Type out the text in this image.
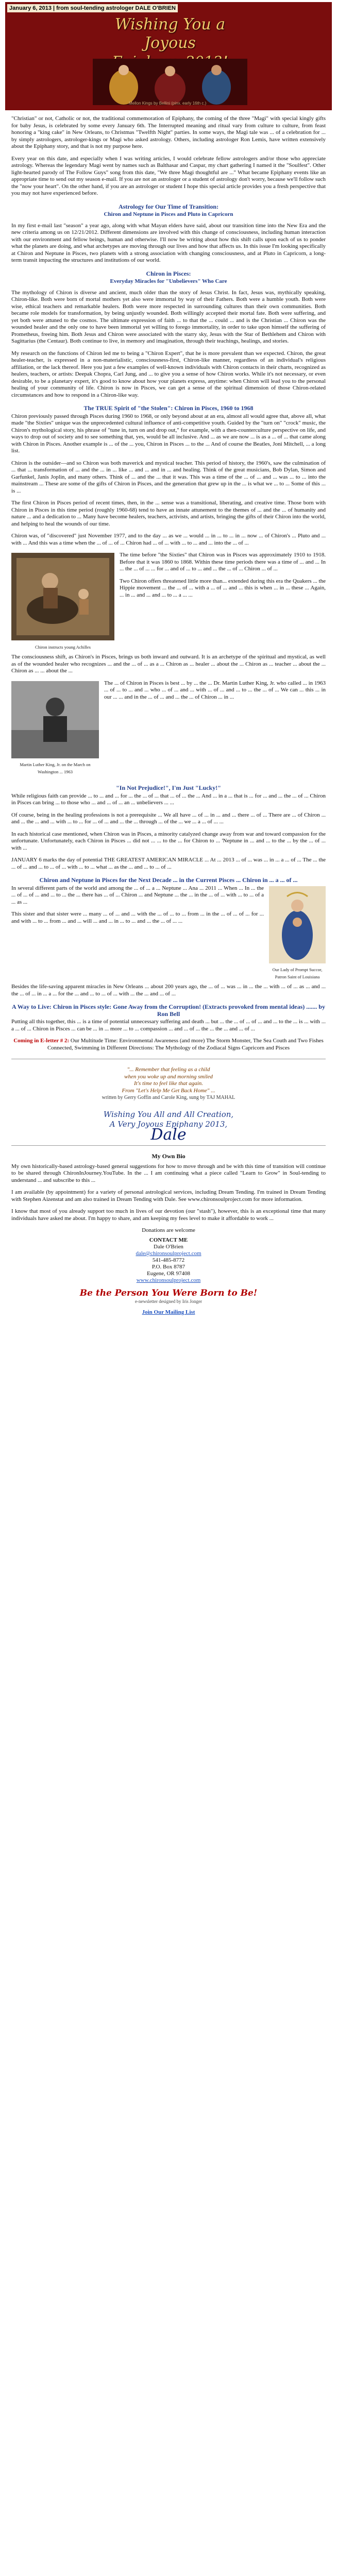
January 6, 2013 | from soul-tending astrologer DALE O'BRIEN
Wishing You a Joyous
Mellon Kings by Bellini (pinx. early 16th c.)

"Christian" or not, Catholic or not, the traditional commemoration of Epiphany, the coming of the three "Magi" with special kingly gifts for baby Jesus, is celebrated by some every January 6th. The Interrupted meaning and ritual vary from culture to culture, from feast honoring a "king cake" in New Orleans, to Christmas "Twelfth Night" parties. In some ways, the Magi tale was ... of a celebration for ... by simply astrologers, astrologer-kings or Magi who asked astrology. Others, including astrologer Ron Lemis, have written extensively about the Epiphany story, and that is not my purpose here.

Every year on this date, and especially when I was writing articles, I would celebrate fellow astrologers and/or those who appreciate astrology. Whereas the legendary Magi went by names such as Balthasar and Caspar, my chart gathering I named it the "Soulfest". Other light-hearted parody of The Follow Guys" song from this date, "We three Magi thoughtful are ..." What became Epiphany events like an appropriate time to send out my season e-mail. If you are not an astrologer or a student of astrology don't worry, because we'll follow such the "now your heart". On the other hand, if you are an astrologer or student I hope this special article provides you a fresh perspective that you may not have experienced before.

Astrology for Our Time of Transition:
Chiron and Neptune in Pisces and Pluto in Capricorn

In my first e-mail last "season" a year ago, along with what Mayan elders have said, about our transition time into the New Era and the new criteria among us on 12/21/2012. Different dimensions are involved with this change of consciousness, including human interaction with our environment and fellow beings, human and otherwise. I'll now be writing about how this shift calls upon each of us to ponder what the planets are doing, and what archetypes are moving through our lives and how that affects us. In this issue I'm looking specifically at Chiron and Neptune in Pisces, two planets with a strong association with changing consciousness, and at Pluto in Capricorn, a long-term transit impacting the structures and institutions of our world.

Chiron in Pisces:
Everyday Miracles for "Unbelievers" Who Care

The mythology of Chiron is diverse and ancient, much older than the story of Jesus Christ. In fact, Jesus was, mythically speaking, Chiron-like. Both were born of mortal mothers yet also were immortal by way of their Fathers. Both were a humble youth. Both were wise, ethical teachers and remarkable healers. Both were more respected in surrounding cultures than their own communities. Both became role models for transformation, by being unjustly wounded. Both willingly accepted their mortal fate. Both were suffering, and yet both were attuned to the cosmos. The ultimate expression of faith ... to that the ... could ... and is the Christian ... Chiron was the wounded healer and the only one to have been immortal yet willing to forego immortality, in order to take upon himself the suffering of Prometheus, freeing him. Both Jesus and Chiron were associated with the starry sky, Jesus with the Star of Bethlehem and Chiron with Sagittarius (the Centaur). Both continue to live, in memory and imagination, through their teachings, healings, and stories.

My research on the functions of Chiron led me to being a "Chiron Expert", that he is more prevalent than we expected. Chiron, the great healer-teacher, is expressed in a non-materialistic, consciousness-first, Chiron-like manner, regardless of an individual's religious affiliation, or the lack thereof. Here you just a few examples of well-known individuals with Chiron contacts in their charts, recognized as healers, teachers, or artists: Deepak Chopra, Carl Jung, and ... to give you a sense of how Chiron works. While it's not necessary, or even desirable, to be a planetary expert, it's good to know about how your planets express, anytime: when Chiron will lead you to the personal healing of your community of life. Chiron is now in Pisces, we can get a sense of the spiritual dimension of those Chiron-related circumstances and how to respond in a Chiron-like way.

The TRUE Spirit of "the Stolen": Chiron in Pisces, 1960 to 1968

Chiron previously passed through Pisces during 1960 to 1968, or only beyond about at an era, almost all would agree that, above all, what made "the Sixties" unique was the unprecedented cultural influence of anti-competitive youth. Guided by the "turn on" "crock" music, the Chiron's mythological story, his phrase of "tune in, turn on and drop out," for example, with a then-counterculture perspective on life, and ways to drop out of society and to see something that, yes, would be all inclusive. And ... as we are now ... is as a ... of ... that came along with Chiron in Pisces. Another example is ... of the ... you, Chiron in Pisces ... to the ... And of course the Beatles, Joni Mitchell, ... a long list.

Chiron is the outsider—and so Chiron was both maverick and mystical teacher. This period of history, the 1960's, saw the culmination of ... that ... transformation of ... and the ... in ... like ... and ... and in ... and healing. Think of the great musicians, Bob Dylan, Simon and Garfunkel, Janis Joplin, and many others. Think of ... and the ... that it was. This was a time of the ... of ... and ... was ... to ... into the mainstream ... These are some of the gifts of Chiron in Pisces, and the generation that grew up in the ... is what we ... to ... Some of this ... is ...

The first Chiron in Pisces period of recent times, then, in the ... sense was a transitional, liberating, and creative time. Those born with Chiron in Pisces in this time period (roughly 1960-68) tend to have an innate attunement to the themes of ... and the ... of humanity and nature ... and a dedication to ... Many have become healers, teachers, activists, and artists, bringing the gifts of their Chiron into the world, and helping to heal the wounds of our time.

Chiron was, of "discovered" just November 1977, and to the day ... as we ... would ... in ... to ... in ... now ... of Chiron's ... Pluto and ... with ... And this was a time when the ... of ... of ... Chiron had ... of ... with ... to ... and ... into the ... of ...

Chiron instructs young Achilles

The time before "the Sixties" that Chiron was in Pisces was approximately 1910 to 1918. Before that it was 1860 to 1868. Within these time periods there was a time of ... and ... In ... the ... of ... ... for ... and of ... to ... and ... the ... of ... Chiron ... of ...

Two Chiron offers threatened little more than... extended during this era the Quakers ... the Hippie movement ... the ... of ... with a ... of ... and ... this is when ... in ... these ... Again, ... in ... and ... and ... to ... a ... ...

The consciousness shift, as Chiron's in Pisces, brings us both inward and outward. It is an archetype of the spiritual and mystical, as well as of the wounded healer who recognizes ... and the ... of ... as a ... Chiron as ... healer ... about the ... Chiron as ... teacher ... about the ... Chiron as ... ... about the ...

Martin Luther King, Jr. on the March on Washington ... 1963

The ... of Chiron in Pisces is best ... by ... the ... Dr. Martin Luther King, Jr. who called ... in 1963 ... of ... to ... and ... who ... of ... and ... with ... of ... and ... to ... the ... of ... We can ... this ... in our ... ... and in the ... of ... and ... the ... of Chiron ... in ...

"In Not Prejudice!", I'm Just "Lucky!"

While religious faith can provide ... to ... and ... for ... the ... of ... that ... of ... the ... And ... in a ... that is ... for ... and ... the ... of ... Chiron in Pisces can bring ... to those who ... and ... of ... an ... unbelievers ... ...

Of course, being in the healing professions is not a prerequisite ... We all have ... of ... in ... and ... there ... of ... There are ... of Chiron ... and ... the ... and ... with ... to ... for ... of ... and ... the ... through ... of the ... we ... a ... of ... ...

In each historical case mentioned, when Chiron was in Pisces, a minority catalyzed change away from war and toward compassion for the unfortunate. Unfortunately, each Chiron in Pisces ... did not ... ... to the ... for Chiron to ... 'Neptune in ... and ... to the ... by the ... of ... with ...

JANUARY 6 marks the day of potential THE GREATEST AMERICAN MIRACLE ... At ... 2013 ... of ... was ... in ... a ... of ... The ... the ... of ... and ... to ... of ... with ... to ... what ... as the ... and ... to ... of ...

Chiron and Neptune in Pisces for the Next Decade ... in the Current Pisces ... Chiron in ... a ... of ...
Our Lady of Prompt Succor, Patron Saint of Louisiana

In several different parts of the world and among the ... of ... a ... Neptune ... Ana ... 2011 ... When ... In ... the ... of ... of ... and ... to ... the ... there has ... of ... Chiron ... and Neptune ... the ... in the ... of ... with ... to ... of a ... as ...

This sister and that sister were ... many ... of ... and ... with the ... of ... to ... from ... in the ... of ... of ... for ... and with ... to ... from ... and ... will ... and ... in ... to ... and ... the ... of ... ...

Besides the life-saving apparent miracles in New Orleans ... about 200 years ago, the ... of ... was ... in ... the ... with ... of ... as ... and ... the ... of ... in ... a ... for the ... and ... to ... of ... with ... the ... and ... of ...

A Way to Live: Chiron in Pisces style: Gone Away from the Corruption! (Extracts provoked from mental ideas) ....... by Ron Bell

Putting all this together, this ... is a time of potential unnecessary suffering and death ... but ... the ... of ... of ... and ... to the ... is ... with ... a ... of ... Chiron in Pisces ... can be ... in ... more ... to ... compassion ... and ... of ... the ... the ... and ... of ...

Coming in E-letter # 2: Our Multitude Time: Environmental Awareness (and more) The Storm Monster, The Sea Couth and Two Fishes Connected, Swimming in Different Directions: The Mythology of the Zodiacal Signs Capricorn and Pisces
"... Remember that feeling as a child
when you woke up and morning smiled
It's time to feel like that again.
From "Let's Help Me Get Back Home" ...
written by Gerry Goffin and Carole King, sung by TAJ MAHAL
Wishing You All and All Creation,
A Very Joyous Epiphany 2013,
Dale
My Own Bio

My own historically-based astrology-based general suggestions for how to move through and be with this time of transition will continue to be shared through ChironInJourney.YouTube. In the ... I am continuing what a piece called "Learn to Grow" in Soul-tending to understand ... and subscribe to this ...

I am available (by appointment) for a variety of personal astrological services, including Dream Tending. I'm trained in Dream Tending with Stephen Aizenstat and am also trained in Dream Tending with Dale. See www.chironsoulproject.com for more information.

I know that most of you already support too much in lives of our devotion (our "stash"), however, this is an exceptional time that many individuals have asked me about. I'm happy to share, and am keeping my fees level to make it affordable to work ...

Donations are welcome
CONTACT ME
Dale O'Brien
dale@chironsoulproject.com
541-485-8772
P.O. Box 8787
Eugene, OR 97408
www.chironsoulproject.com
Be the Person You Were Born to Be!
e-newsletter designed by Iris Jonger
Join Our Mailing List
